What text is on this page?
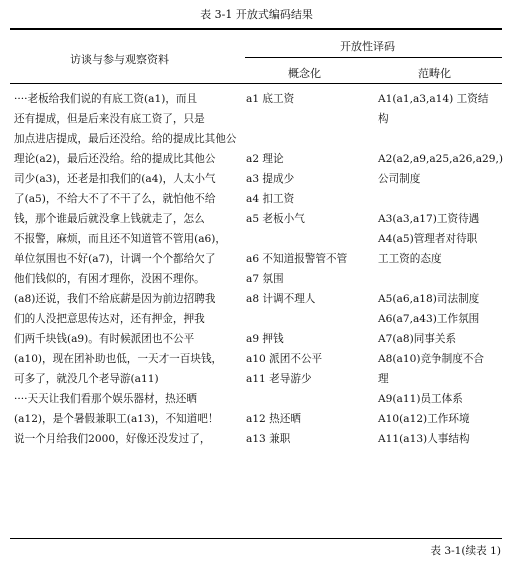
表 3-1 开放式编码结果
访谈与参与观察资料
开放性译码
概念化	范畴化
····老板给我们说的有底工资(a1)，而且
还有提成，但是后来没有底工资了，只是
加点进店提成，最后还没给。给的提成比其他公
理论(a2)，最后还没给。给的提成比其他公
司少(a3)，还老是扣我们的(a4)，人太小气
了(a5)，不给大不了不干了么，就怕他不给
钱，那个谁最后就没拿上钱就走了，怎么
不报警，麻烦，而且还不知道管不管用(a6)，
单位氛围也不好(a7)，计调一个个都给欠了
他们钱似的，有困才理你，没困不理你。
(a8)还说，我们不给底薪是因为前边招聘我
们的人没把意思传达对，还有押金，押我
们两千块钱(a9)。有时候派团也不公平
(a10)，现在团补助也低，一天才一百块钱，
可多了，就没几个老导游(a11)
····天天让我们看那个娱乐器材，热还晒
(a12)，是个暑假兼职工(a13)，不知道吧！
说一个月给我们2000，好像还没发过了，
a1 底工资
a2 理论
a3 提成少
a4 扣工资
a5 老板小气
a6 不知道报警管不管
a7 氛围
a8 计调不理人
a9 押钱
a10 派团不公平
a11 老导游少
a12 热还晒
a13 兼职
A1(a1,a3,a14) 工资结
构
A2(a2,a9,a25,a26,a29,)
公司制度
A3(a3,a17)工资待遇
A4(a5)管理者对待职
工工资的态度
A5(a6,a18)司法制度
A6(a7,a43)工作氛围
A7(a8)同事关系
A8(a10)竞争制度不合
理
A9(a11)员工体系
A10(a12)工作环境
A11(a13)人事结构
表 3-1(续表 1)
